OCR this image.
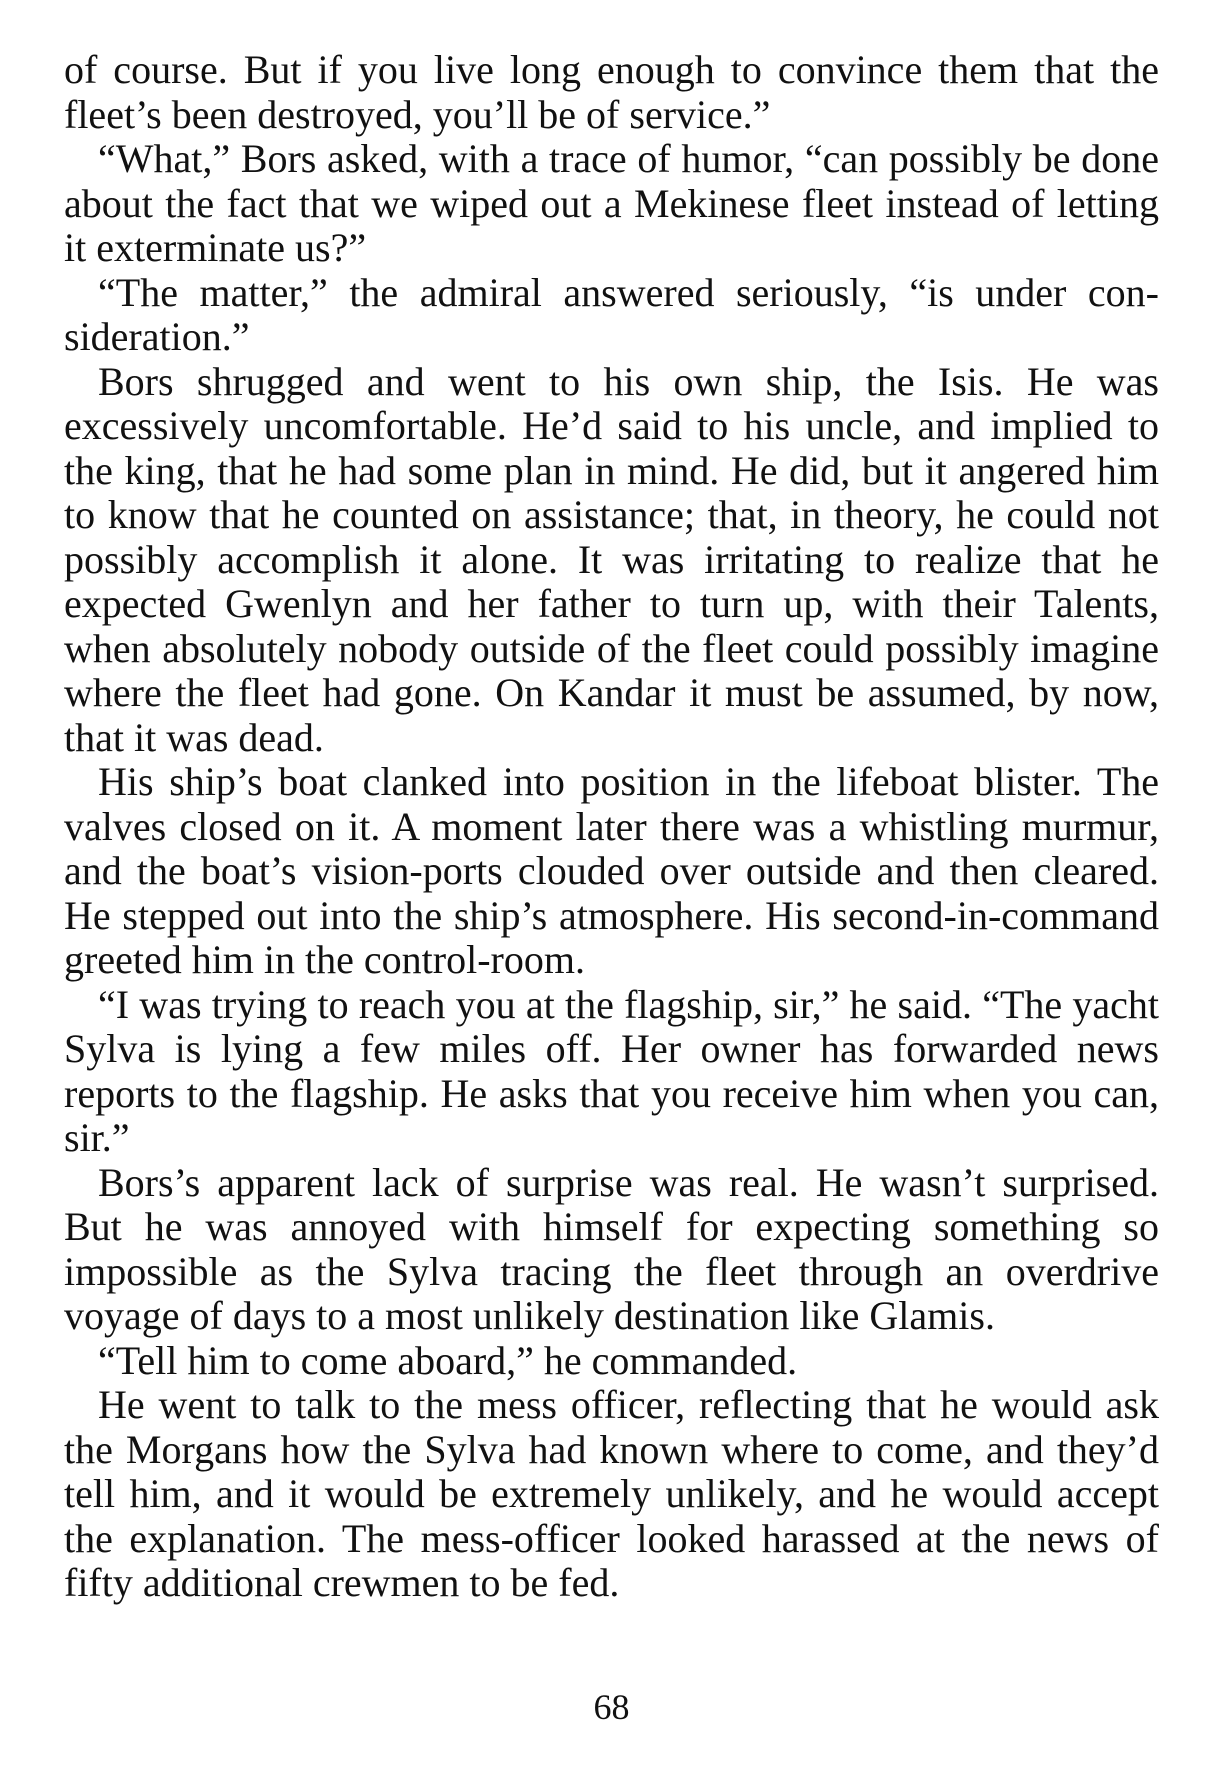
of course. But if you live long enough to convince them that the fleet’s been destroyed, you’ll be of service.”

“What,” Bors asked, with a trace of humor, “can possibly be done about the fact that we wiped out a Mekinese fleet instead of letting it exterminate us?”

“The matter,” the admiral answered seriously, “is under consideration.”

Bors shrugged and went to his own ship, the Isis. He was excessively uncomfortable. He’d said to his uncle, and implied to the king, that he had some plan in mind. He did, but it angered him to know that he counted on assistance; that, in theory, he could not possibly accomplish it alone. It was irritating to realize that he expected Gwenlyn and her father to turn up, with their Talents, when absolutely nobody outside of the fleet could possibly imagine where the fleet had gone. On Kandar it must be assumed, by now, that it was dead.

His ship’s boat clanked into position in the lifeboat blister. The valves closed on it. A moment later there was a whistling murmur, and the boat’s vision-ports clouded over outside and then cleared. He stepped out into the ship’s atmosphere. His second-in-command greeted him in the control-room.

“I was trying to reach you at the flagship, sir,” he said. “The yacht Sylva is lying a few miles off. Her owner has forwarded news reports to the flagship. He asks that you receive him when you can, sir.”

Bors’s apparent lack of surprise was real. He wasn’t surprised. But he was annoyed with himself for expecting something so impossible as the Sylva tracing the fleet through an overdrive voyage of days to a most unlikely destination like Glamis.

“Tell him to come aboard,” he commanded.

He went to talk to the mess officer, reflecting that he would ask the Morgans how the Sylva had known where to come, and they’d tell him, and it would be extremely unlikely, and he would accept the explanation. The mess-officer looked harassed at the news of fifty additional crewmen to be fed.

68
